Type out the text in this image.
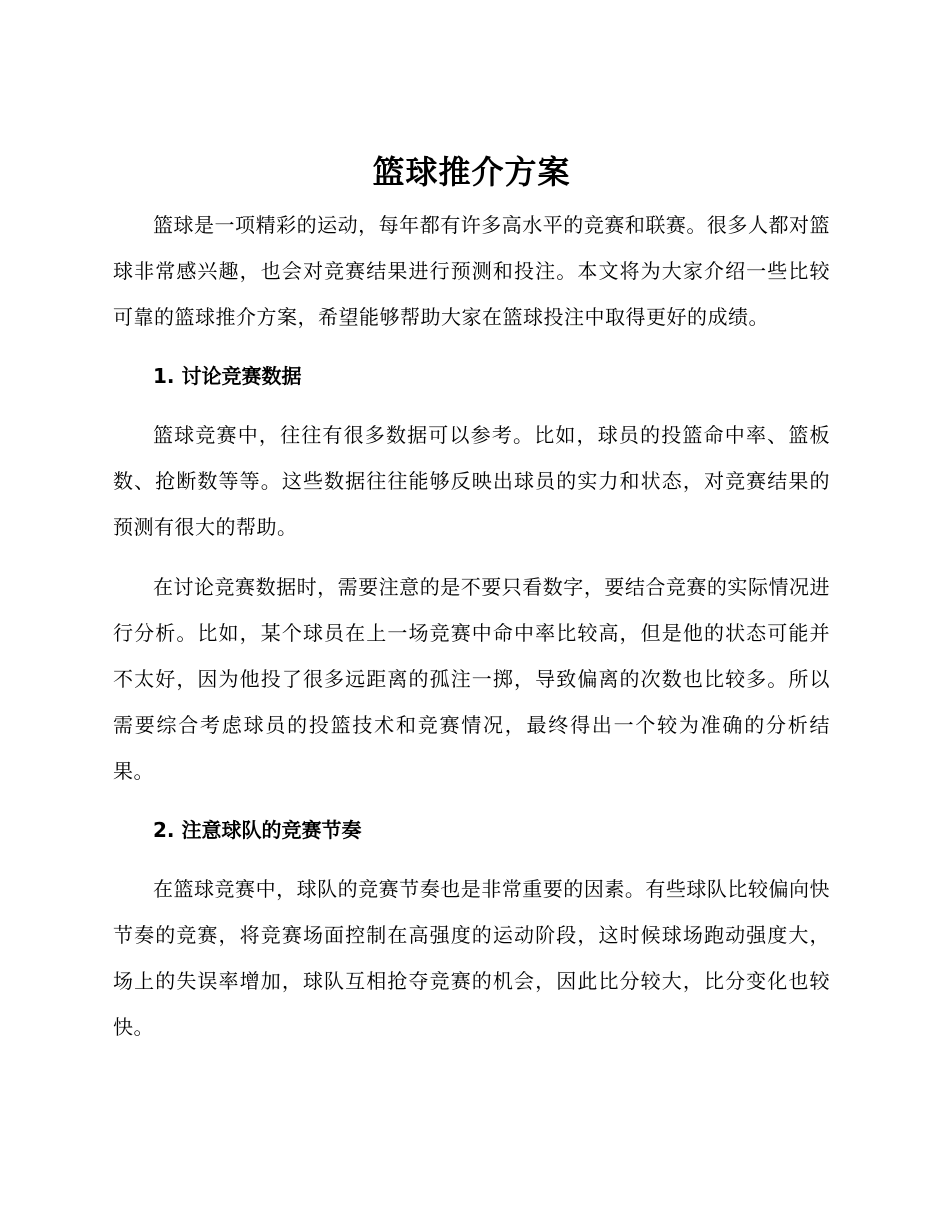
篮球推介方案

篮球是一项精彩的运动，每年都有许多高水平的竞赛和联赛。很多人都对篮球非常感兴趣，也会对竞赛结果进行预测和投注。本文将为大家介绍一些比较可靠的篮球推介方案，希望能够帮助大家在篮球投注中取得更好的成绩。

1. 讨论竞赛数据

篮球竞赛中，往往有很多数据可以参考。比如，球员的投篮命中率、篮板数、抢断数等等。这些数据往往能够反映出球员的实力和状态，对竞赛结果的预测有很大的帮助。

在讨论竞赛数据时，需要注意的是不要只看数字，要结合竞赛的实际情况进行分析。比如，某个球员在上一场竞赛中命中率比较高，但是他的状态可能并不太好，因为他投了很多远距离的孤注一掷，导致偏离的次数也比较多。所以需要综合考虑球员的投篮技术和竞赛情况，最终得出一个较为准确的分析结果。

2. 注意球队的竞赛节奏

在篮球竞赛中，球队的竞赛节奏也是非常重要的因素。有些球队比较偏向快节奏的竞赛，将竞赛场面控制在高强度的运动阶段，这时候球场跑动强度大，场上的失误率增加，球队互相抢夺竞赛的机会，因此比分较大，比分变化也较快。
